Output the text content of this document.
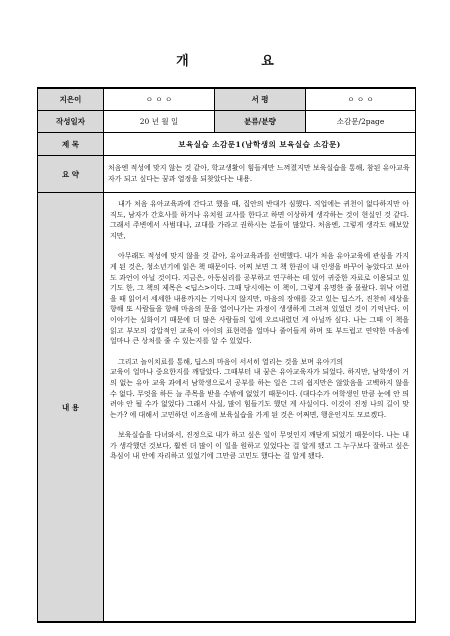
개 요
지은이	ㅇ ㅇ ㅇ	서 평	ㅇ ㅇ ㅇ
작성일자	20 년 월 일	분류/분량	소감문/2page
제 목	보육실습 소감문1(남학생의 보육실습 소감문)		
요 약	처음엔 적성에 맞지 않는 것 같아, 학교생활이 힘들게만 느껴졌지만 보육실습을 통해, 참된 유아교육자가 되고 싶다는 꿈과 열정을 되찾았다는 내용.		
내 용	내가 처음 유아교육과에 간다고 했을 때, 집안의 반대가 심했다. 직업에는 귀천이 없다하지만 아직도, 남자가 간호사를 하거나 유치원 교사를 한다고 하면 이상하게 생각하는 것이 현실인 것 같다. 그래서 주변에서 사범대나, 교대를 가라고 권하시는 분들이 많았다. 처음엔, 그렇게 생각도 해보았지만,

아무래도 적성에 맞지 않을 것 같아, 유아교육과를 선택했다. 내가 처음 유아교육에 관심을 가지게 된 것은, 청소년기에 읽은 책 때문이다. 어찌 보면 그 책 한권이 내 인생을 바꾸어 놓았다고 보아도 과언이 아닐 것이다. 지금은, 아동심리를 공부하고 연구하는 데 있어 귀중한 자료로 이용되고 있기도 한, 그 책의 제목은 <딥스>이다. 그때 당시에는 이 책이, 그렇게 유명한 줄 몰랐다. 워낙 어렸을 때 읽어서 세세한 내용까지는 기억나지 않지만, 마음의 장애를 갖고 있는 딥스가, 진찬히 세상을 향해 또 사람들을 향해 마음의 문을 열어나가는 과정이 생생하게 그려져 있었던 것이 기억난다. 이 이야기는 실화이기 때문에 더 많은 사람들의 입에 오르내렸던 게 아닐까 싶다. 나는 그때 이 책을 읽고 부모의 강압적인 교육이 아이의 표현력을 얼마나 줄어들게 하며 또 부드럽고 연약한 마음에 얼마나 큰 상처를 줄 수 있는지를 알 수 있었다.

그리고 놀이치료를 통해, 딥스의 마음이 서서히 열리는 것을 보며 유아기의

교육이 얼마나 중요한지를 깨달았다. 그때부터 내 꿈은 유아교육자가 되었다. 하지만, 남학생이 거의 없는 유아 교육 과에서 남학생으로서 공부를 하는 일은 그리 쉽지만은 않았음을 고백하지 않을 수 없다. 무엇을 하든 늘 주목을 받을 수밖에 없었기 때문이다. (대다수가 여학생인 만큼 눈에 안 띄려야 안 될 수가 없었다) 그래서 사실, 많이 힘들기도 했던 게 사실이다. 이것이 진정 나의 길이 맞는가? 에 대해서 고민하던 이즈음에 보육실습을 가게 된 것은 어쩌면, 행운인지도 모르겠다.

보육실습을 다녀와서, 진정으로 내가 하고 싶은 일이 무엇인지 깨닫게 되었기 때문이다. 나는 내가 생각했던 것보다, 훨씬 더 많이 이 일을 원하고 있었다는 걸 알게 됐고 그 누구보다 잘하고 싶은 욕심이 내 안에 자리하고 있었기에 그만큼 고민도 했다는 걸 알게 됐다.		
